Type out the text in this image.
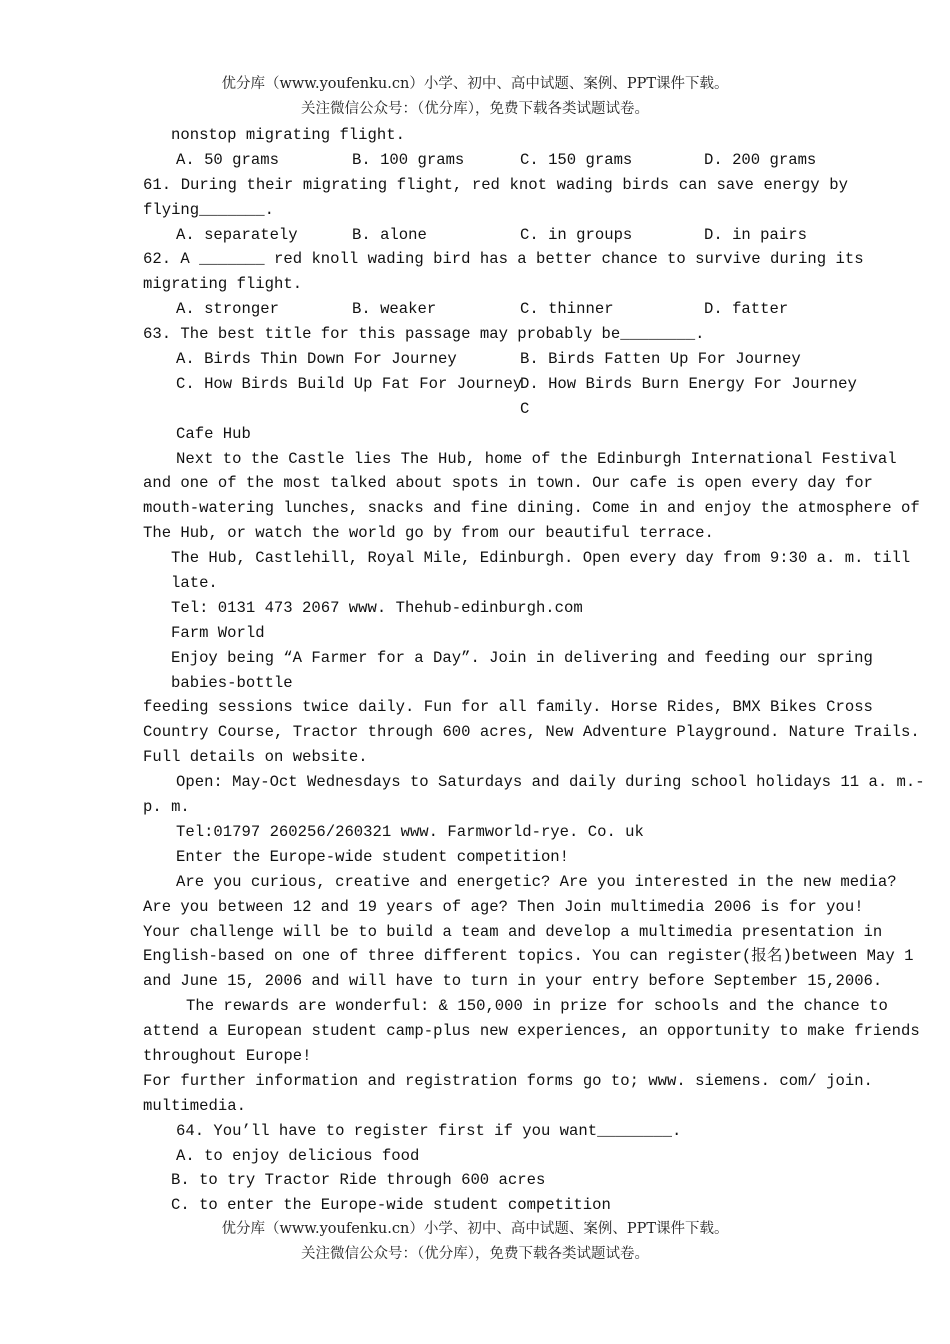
优分库（www.youfenku.cn）小学、初中、高中试题、案例、PPT课件下载。
关注微信公众号：（优分库），免费下载各类试题试卷。
nonstop migrating flight.

A. 50 grams

	B. 100 grams

	C. 150 grams

	D. 200 grams

61. During their migrating flight, red knot wading birds can save energy by
flying_______.

A. separately

	B. alone

	C. in groups

	D. in pairs

62. A _______ red knoll wading bird has a better chance to survive during its
migrating flight.

A. stronger

	B. weaker

	C. thinner

	D. fatter

63. The best title for this passage may probably be________.

A. Birds Thin Down For Journey

	B. Birds Fatten Up For Journey

C. How Birds Build Up Fat For Journey

D. How Birds Burn Energy For Journey

C

Cafe Hub
Next to the Castle lies The Hub, home of the Edinburgh International Festival
and one of the most talked about spots in town. Our cafe is open every day for
mouth-watering lunches, snacks and fine dining. Come in and enjoy the atmosphere of
The Hub, or watch the world go by from our beautiful terrace.
The Hub, Castlehill, Royal Mile, Edinburgh. Open every day from 9:30 a. m. till
late.
Tel: 0131 473 2067 www. Thehub-edinburgh.com
Farm World
Enjoy being “A Farmer for a Day”. Join in delivering and feeding our spring
babies-bottle
feeding sessions twice daily. Fun for all family. Horse Rides, BMX Bikes Cross
Country Course, Tractor through 600 acres, New Adventure Playground. Nature Trails.
Full details on website.
Open: May-Oct Wednesdays to Saturdays and daily during school holidays 11 a. m.-
p. m.
Tel:01797 260256/260321 www. Farmworld-rye. Co. uk
Enter the Europe-wide student competition!
Are you curious, creative and energetic? Are you interested in the new media?
Are you between 12 and 19 years of age? Then Join multimedia 2006 is for you!
Your challenge will be to build a team and develop a multimedia presentation in
English-based on one of three different topics. You can register(报名)between May 1
and June 15, 2006 and will have to turn in your entry before September 15,2006.
The rewards are wonderful: & 150,000 in prize for schools and the chance to
attend a European student camp-plus new experiences, an opportunity to make friends
throughout Europe!
For further information and registration forms go to; www. siemens. com/ join.
multimedia.
64. You’ll have to register first if you want________.
A. to enjoy delicious food
B. to try Tractor Ride through 600 acres
C. to enter the Europe-wide student competition
优分库（www.youfenku.cn）小学、初中、高中试题、案例、PPT课件下载。
关注微信公众号：（优分库），免费下载各类试题试卷。
